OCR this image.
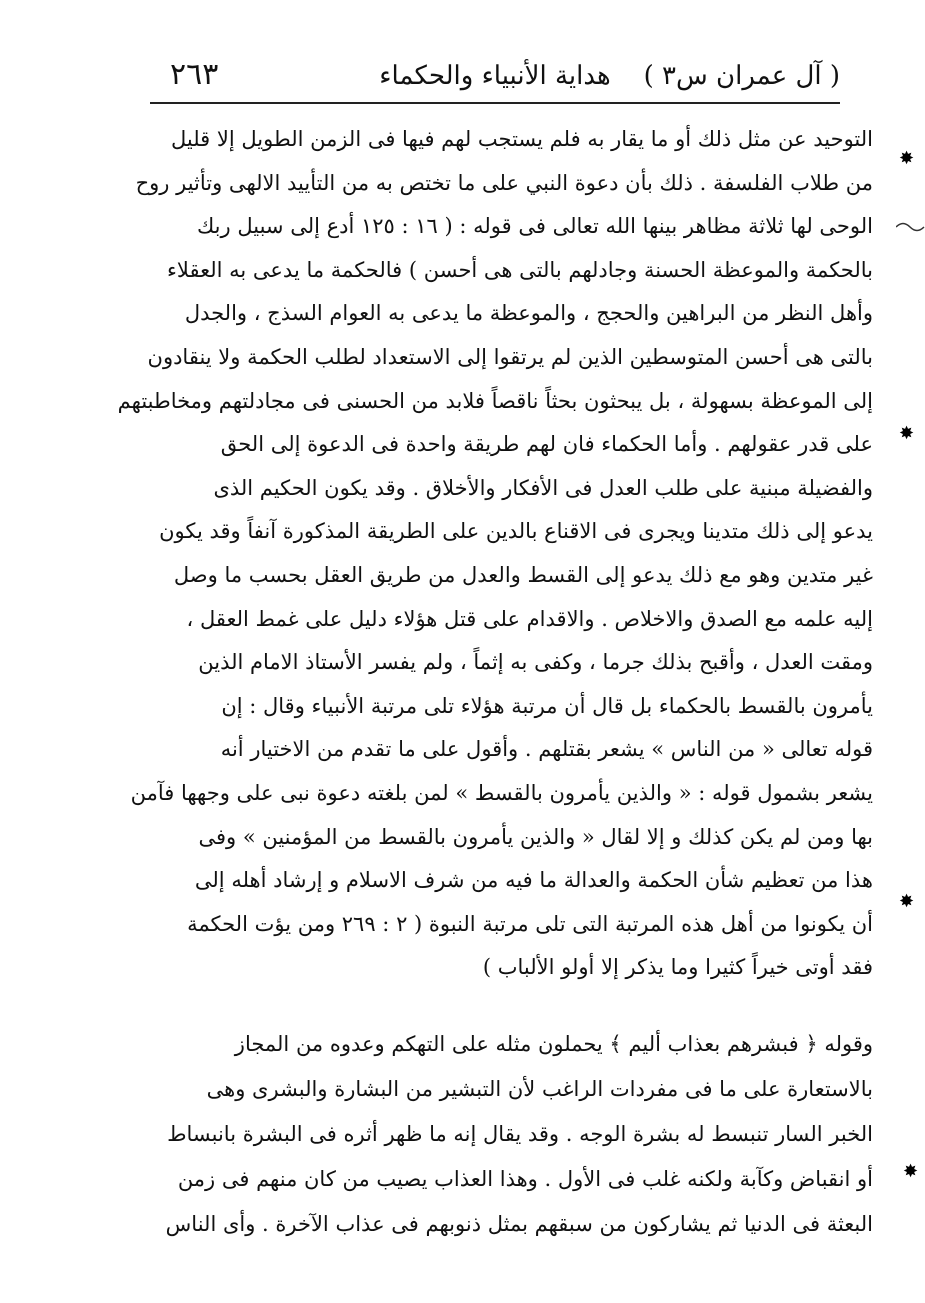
( آل عمران س٣ )
هداية الأنبياء والحكماء
٢٦٣
التوحيد عن مثل ذلك أو ما يقار به فلم يستجب لهم فيها فى الزمن الطويل إلا قليل
من طلاب الفلسفة . ذلك بأن دعوة النبي على ما تختص به من التأييد الالهى وتأثير روح
الوحى لها ثلاثة مظاهر بينها الله تعالى فى قوله : ( ١٦ : ١٢٥ أدع إلى سبيل ربك
بالحكمة والموعظة الحسنة وجادلهم بالتى هى أحسن ) فالحكمة ما يدعى به العقلاء
وأهل النظر من البراهين والحجج ، والموعظة ما يدعى به العوام السذج ، والجدل
بالتى هى أحسن المتوسطين الذين لم يرتقوا إلى الاستعداد لطلب الحكمة ولا ينقادون
إلى الموعظة بسهولة ، بل يبحثون بحثاً ناقصاً فلابد من الحسنى فى مجادلتهم ومخاطبتهم
على قدر عقولهم . وأما الحكماء فان لهم طريقة واحدة فى الدعوة إلى الحق
والفضيلة مبنية على طلب العدل فى الأفكار والأخلاق . وقد يكون الحكيم الذى
يدعو إلى ذلك متدينا ويجرى فى الاقناع بالدين على الطريقة المذكورة آنفاً وقد يكون
غير متدين وهو مع ذلك يدعو إلى القسط والعدل من طريق العقل بحسب ما وصل
إليه علمه مع الصدق والاخلاص . والاقدام على قتل هؤلاء دليل على غمط العقل ،
ومقت العدل ، وأقبح بذلك جرما ، وكفى به إثماً ، ولم يفسر الأستاذ الامام الذين
يأمرون بالقسط بالحكماء بل قال أن مرتبة هؤلاء تلى مرتبة الأنبياء وقال : إن
قوله تعالى « من الناس » يشعر بقتلهم . وأقول على ما تقدم من الاختيار أنه
يشعر بشمول قوله : « والذين يأمرون بالقسط » لمن بلغته دعوة نبى على وجهها فآمن
بها ومن لم يكن كذلك و إلا لقال « والذين يأمرون بالقسط من المؤمنين » وفى
هذا من تعظيم شأن الحكمة والعدالة ما فيه من شرف الاسلام و إرشاد أهله إلى
أن يكونوا من أهل هذه المرتبة التى تلى مرتبة النبوة ( ٢ : ٢٦٩ ومن يؤت الحكمة
فقد أوتى خيراً كثيرا وما يذكر إلا أولو الألباب )
وقوله ﴿ فبشرهم بعذاب أليم ﴾ يحملون مثله على التهكم وعدوه من المجاز
بالاستعارة على ما فى مفردات الراغب لأن التبشير من البشارة والبشرى وهى
الخبر السار تنبسط له بشرة الوجه . وقد يقال إنه ما ظهر أثره فى البشرة بانبساط
أو انقباض وكآبة ولكنه غلب فى الأول . وهذا العذاب يصيب من كان منهم فى زمن
البعثة فى الدنيا ثم يشاركون من سبقهم بمثل ذنوبهم فى عذاب الآخرة . وأى الناس
✸
✸
✸
✸
